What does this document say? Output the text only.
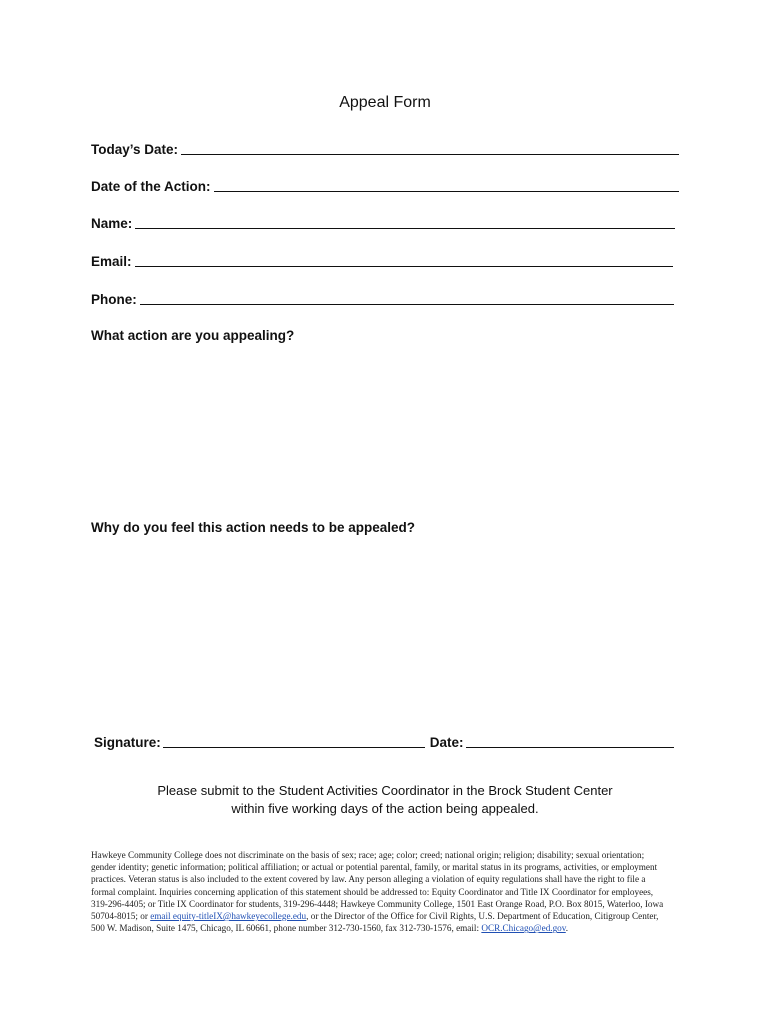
Appeal Form
Today’s Date:
Date of the Action:
Name:
Email:
Phone:
What action are you appealing?
Why do you feel this action needs to be appealed?
Signature:	Date:
Please submit to the Student Activities Coordinator in the Brock Student Center
within five working days of the action being appealed.
Hawkeye Community College does not discriminate on the basis of sex; race; age; color; creed; national origin; religion; disability; sexual orientation; gender identity; genetic information; political affiliation; or actual or potential parental, family, or marital status in its programs, activities, or employment practices. Veteran status is also included to the extent covered by law. Any person alleging a violation of equity regulations shall have the right to file a formal complaint. Inquiries concerning application of this statement should be addressed to: Equity Coordinator and Title IX Coordinator for employees, 319-296-4405; or Title IX Coordinator for students, 319-296-4448; Hawkeye Community College, 1501 East Orange Road, P.O. Box 8015, Waterloo, Iowa 50704-8015; or email equity-titleIX@hawkeyecollege.edu, or the Director of the Office for Civil Rights, U.S. Department of Education, Citigroup Center, 500 W. Madison, Suite 1475, Chicago, IL 60661, phone number 312-730-1560, fax 312-730-1576, email: OCR.Chicago@ed.gov.
